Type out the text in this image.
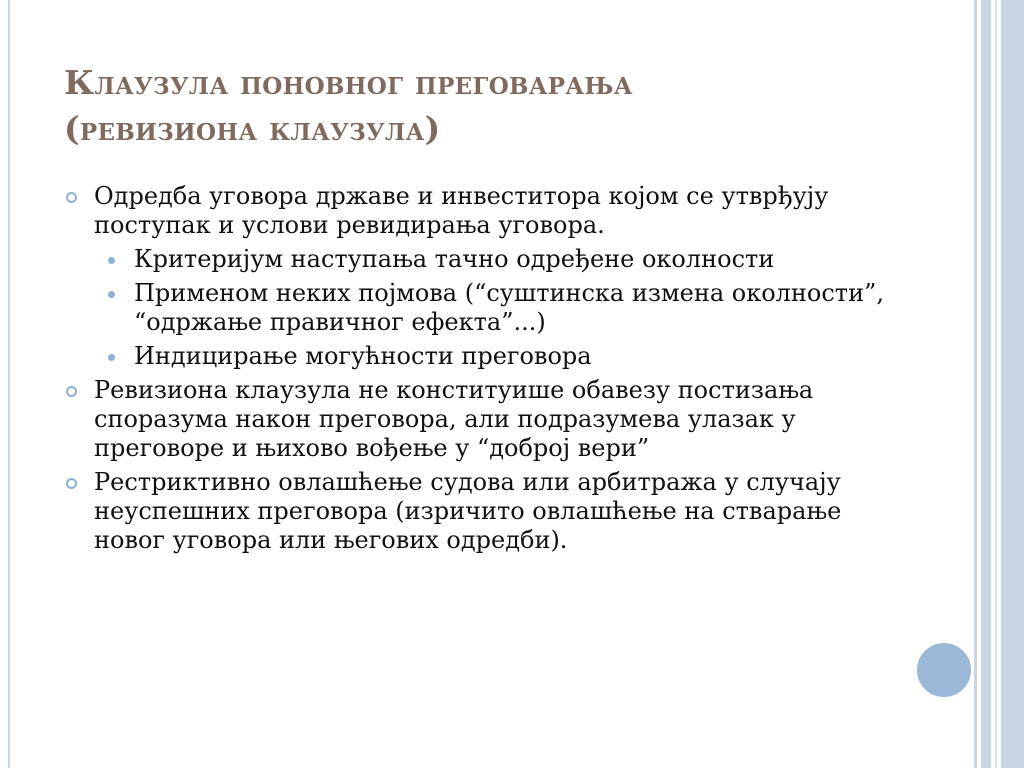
Клаузула поновног преговарања
(ревизиона клаузула)
Одредба уговора државе и инвеститора којом се утврђују поступак и услови ревидирања уговора.
Критеријум наступања тачно одређене околности
Применом неких појмова (“суштинска измена околности”, “одржање правичног ефекта”...)
Индицирање могућности преговора
Ревизиона клаузула не конституише обавезу постизања споразума након преговора, али подразумева улазак у преговоре и њихово вођење у “доброј вери”
Рестриктивно овлашћење судова или арбитража у случају неуспешних преговора (изричито овлашћење на стварање новог уговора или његових одредби).
